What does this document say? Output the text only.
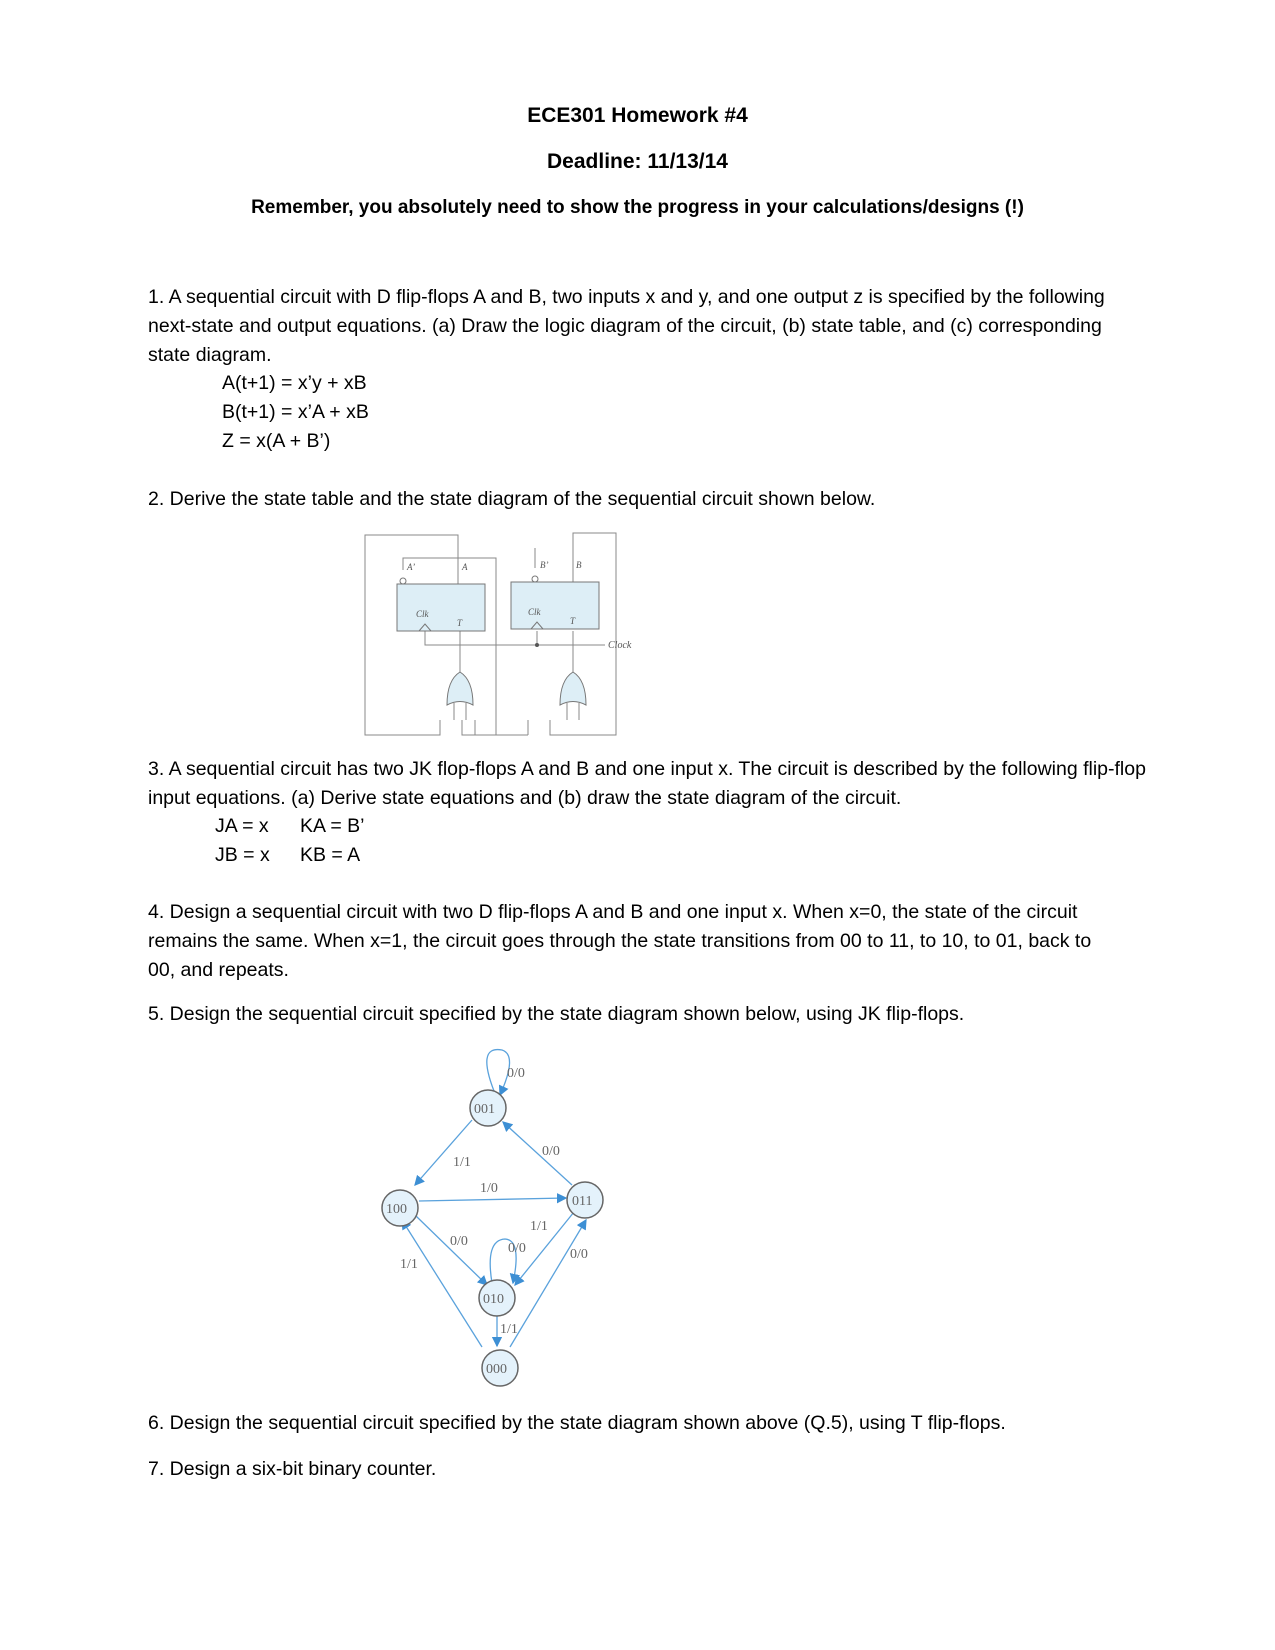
ECE301 Homework #4
Deadline: 11/13/14
Remember, you absolutely need to show the progress in your calculations/designs (!)
1. A sequential circuit with D flip-flops A and B, two inputs x and y, and one output z is specified by the following next-state and output equations. (a) Draw the logic diagram of the circuit, (b) state table, and (c) corresponding state diagram.
A(t+1) = x’y + xB
B(t+1) = x’A + xB
Z = x(A + B’)
2. Derive the state table and the state diagram of the sequential circuit shown below.
A’	A	B’	B
Clk	Clk
T	T
Clock
3. A sequential circuit has two JK flop-flops A and B and one input x. The circuit is described by the following flip-flop input equations. (a) Derive state equations and (b) draw the state diagram of the circuit.
JA = x KA = B’
JB = x KB = A
4. Design a sequential circuit with two D flip-flops A and B and one input x. When x=0, the state of the circuit remains the same. When x=1, the circuit goes through the state transitions from 00 to 11, to 10, to 01, back to 00, and repeats.
5. Design the sequential circuit specified by the state diagram shown below, using JK flip-flops.
001
100
011
010
000
0/0
1/1
0/0
1/0
0/0	0/0
1/1
0/0
1/1
1/1
6. Design the sequential circuit specified by the state diagram shown above (Q.5), using T flip-flops.
7. Design a six-bit binary counter.
